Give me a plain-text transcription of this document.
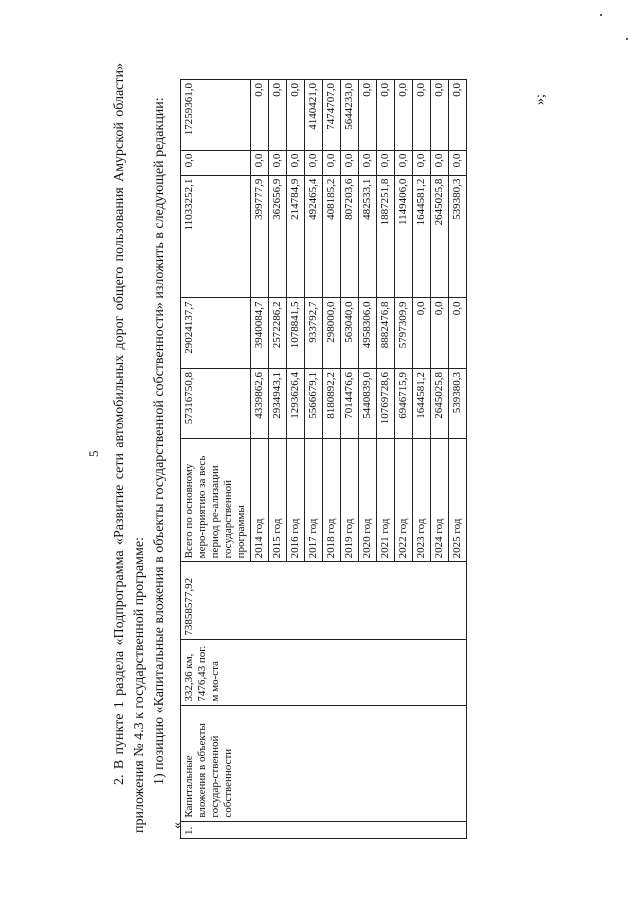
5 2. В пункте 1 раздела «Подпрограмма «Развитие сети автомобильных дорог общего пользования Амурской области» приложения № 4.3 к государственной программе: 1) позицию «Капитальные вложения в объекты государственной собственности» изложить в следующей редакции:

«
1.	Капитальные вложения в объекты государ-ственной собственности	332,36 км, 7476,43 пог. м мо-ста	73858577,92	Всего по основному меро-приятию за весь период ре-ализации государственной программы	57316750,8	29024137,7	11033252,1	0,0	17259361,0
				2014 год	4339862,6	3940084,7	399777,9	0,0	0,0
				2015 год	2934943,1	2572286,2	362656,9	0,0	0,0
				2016 год	1293626,4	1078841,5	214784,9	0,0	0,0
				2017 год	5566679,1	933792,7	492465,4	0,0	4140421,0
				2018 год	8180892,2	298000,0	408185,2	0,0	7474707,0
				2019 год	7014476,6	563040,0	807203,6	0,0	5644233,0
				2020 год	5440839,0	4958306,0	482533,1	0,0	0,0
				2021 год	10769728,6	8882476,8	1887251,8	0,0	0,0
				2022 год	6946715,9	5797309,9	1149406,0	0,0	0,0
				2023 год	1644581,2	0,0	1644581,2	0,0	0,0
				2024 год	2645025,8	0,0	2645025,8	0,0	0,0
				2025 год	539380,3	0,0	539380,3	0,0	0,0
»;
